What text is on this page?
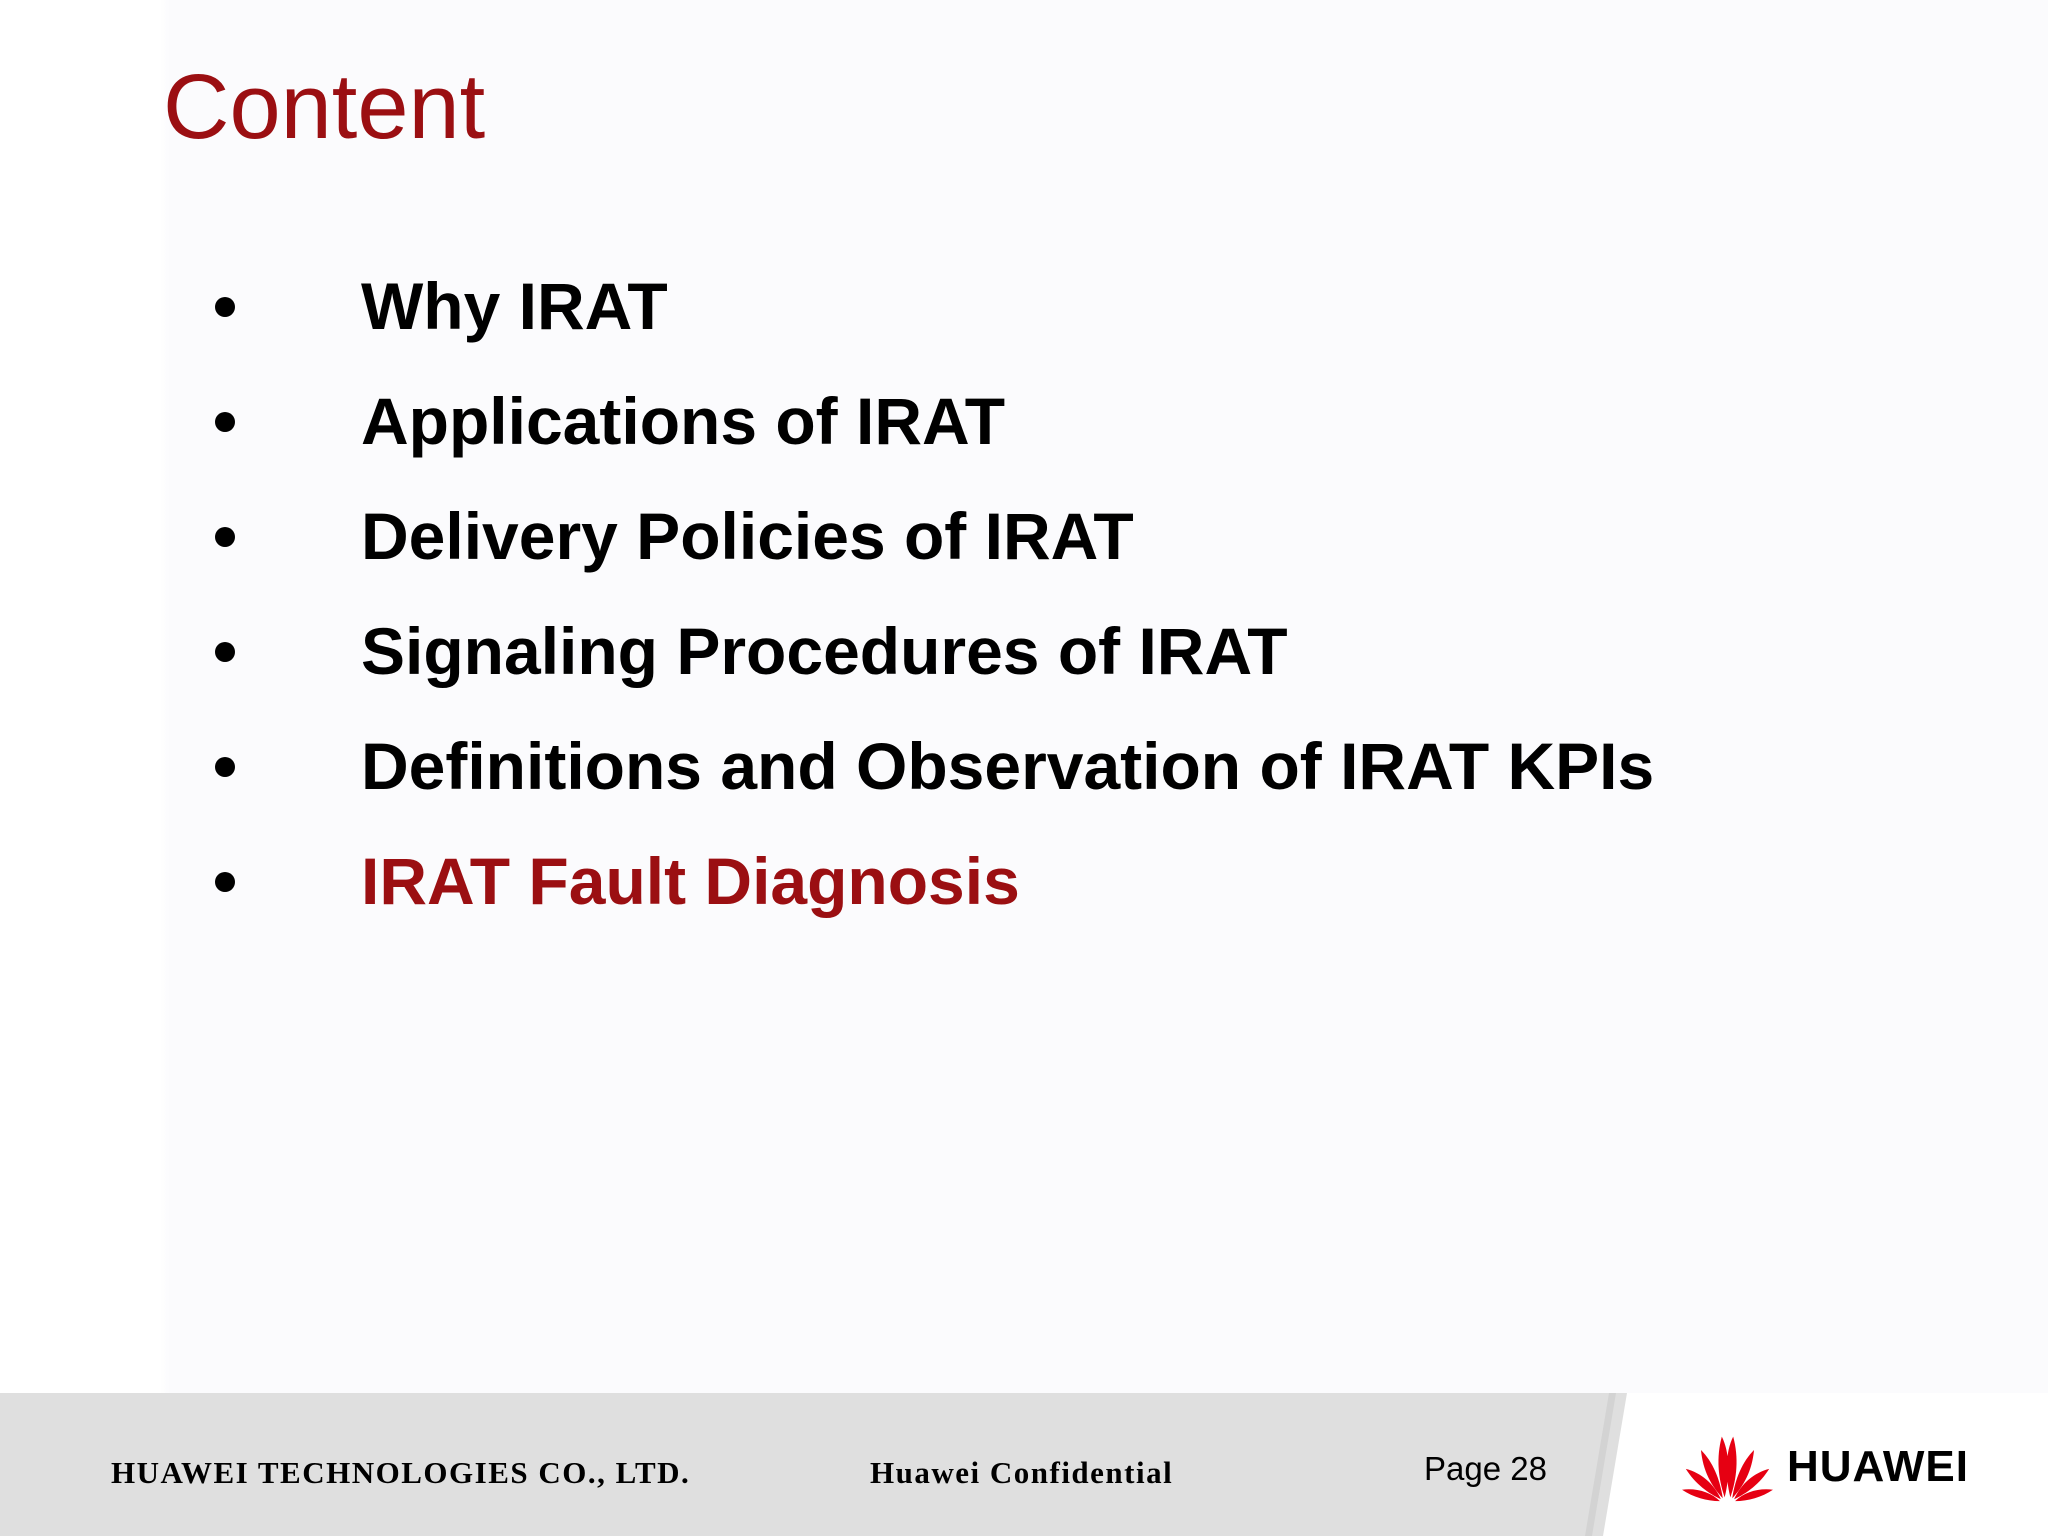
Content
Why IRAT
Applications of IRAT
Delivery Policies of IRAT
Signaling Procedures of IRAT
Definitions and Observation of IRAT KPIs
IRAT Fault Diagnosis
HUAWEI TECHNOLOGIES CO., LTD.	Huawei Confidential	Page 28	HUAWEI
